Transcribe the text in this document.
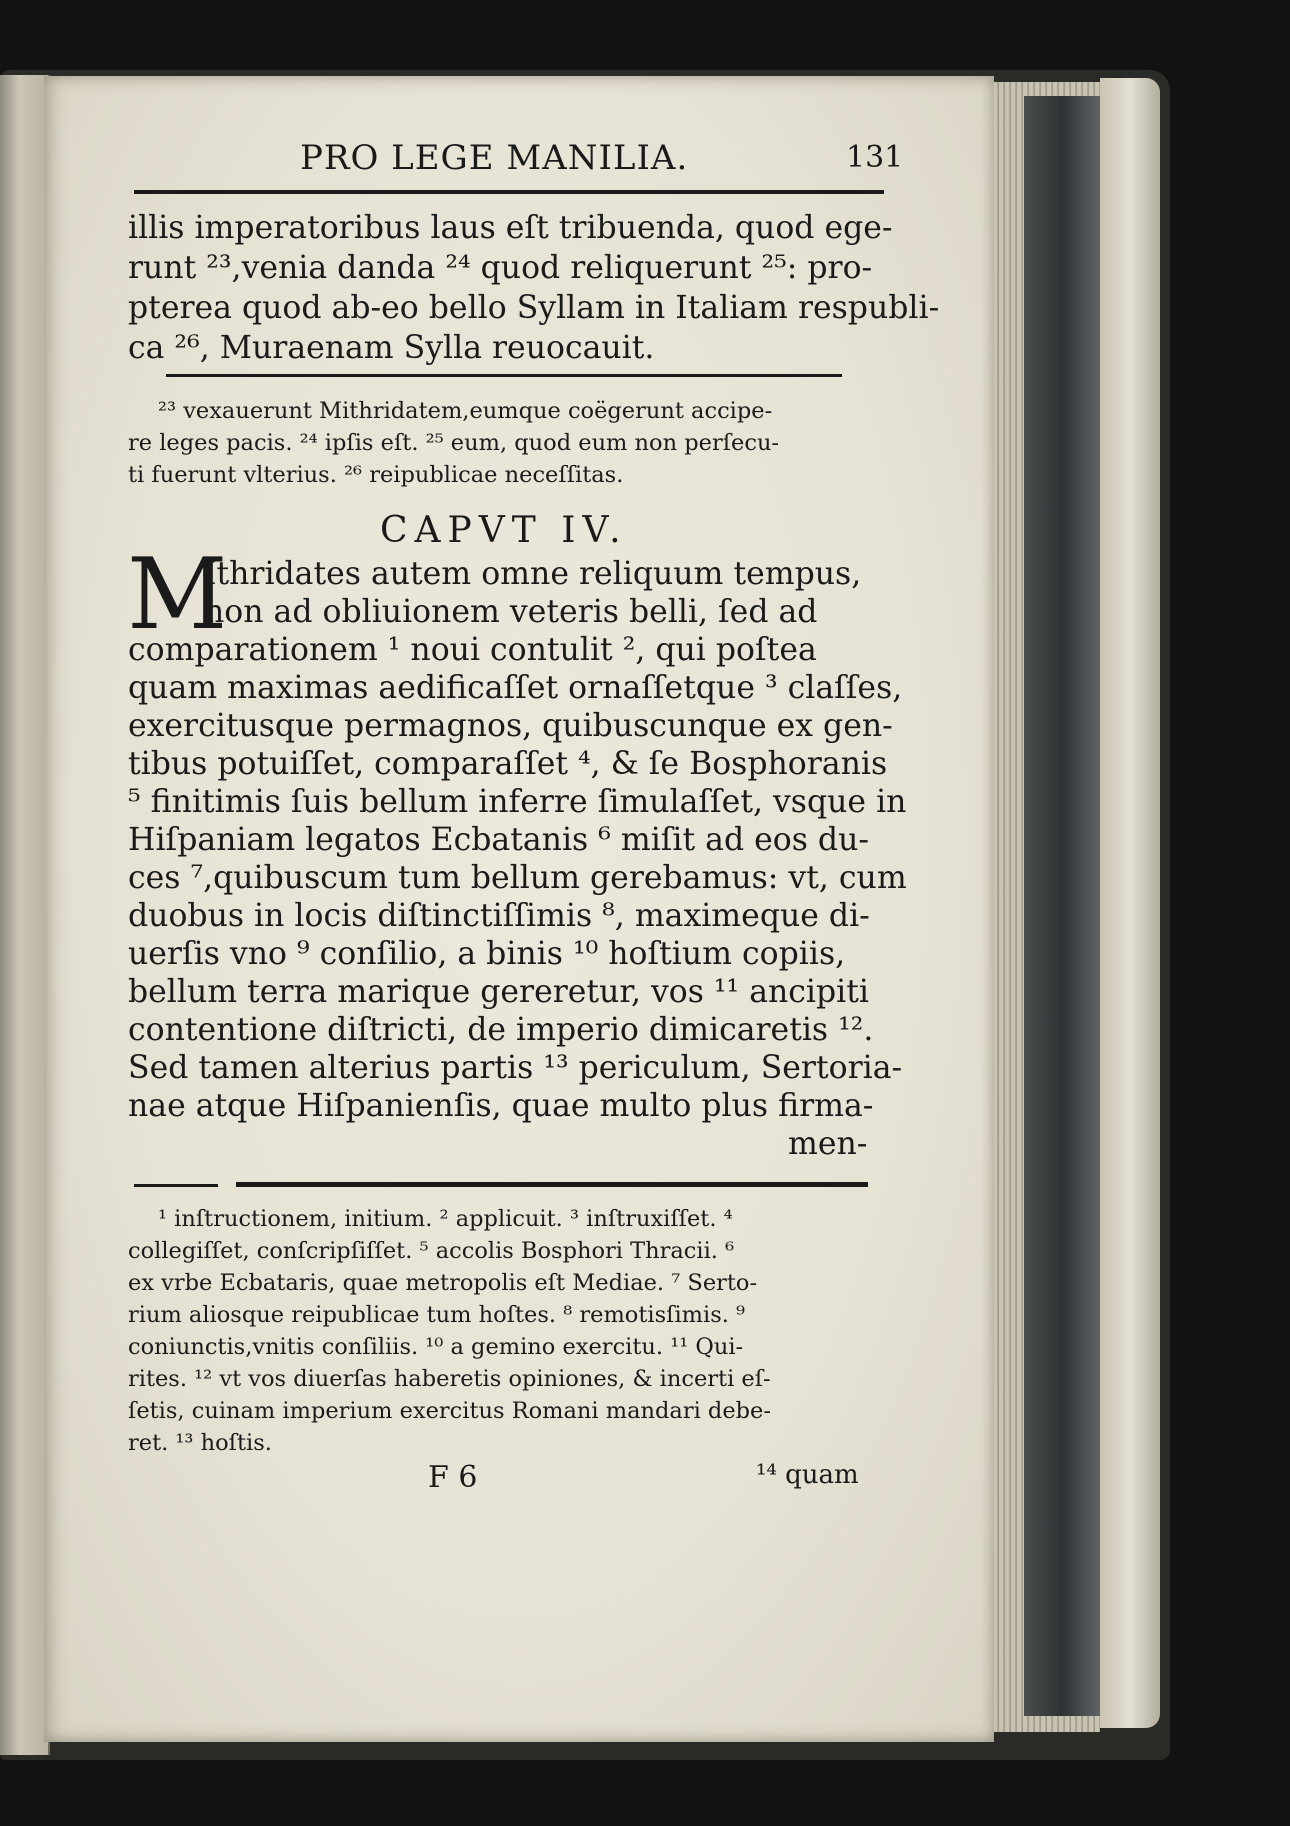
PRO LEGE MANILIA.	131
illis imperatoribus laus eſt tribuenda, quod ege-
runt ²³,venia danda ²⁴ quod reliquerunt ²⁵: pro-
pterea quod ab-eo bello Syllam in Italiam respubli-
ca ²⁶, Muraenam Sylla reuocauit.
²³ vexauerunt Mithridatem,eumque coëgerunt accipe-
re leges pacis. ²⁴ ipſis eſt. ²⁵ eum, quod eum non perſecu-
ti fuerunt vlterius. ²⁶ reipublicae neceſſitas.
CAPVT IV.
M
Ithridates autem omne reliquum tempus,
non ad obliuionem veteris belli, ſed ad
comparationem ¹ noui contulit ², qui poſtea
quam maximas aedificaſſet ornaſſetque ³ claſſes,
exercitusque permagnos, quibuscunque ex gen-
tibus potuiſſet, comparaſſet ⁴, & ſe Bosphoranis
⁵ finitimis ſuis bellum inferre ſimulaſſet, vsque in
Hiſpaniam legatos Ecbatanis ⁶ miſit ad eos du-
ces ⁷,quibuscum tum bellum gerebamus: vt, cum
duobus in locis diſtinctiſſimis ⁸, maximeque di-
uerſis vno ⁹ conſilio, a binis ¹⁰ hoſtium copiis,
bellum terra marique gereretur, vos ¹¹ ancipiti
contentione diſtricti, de imperio dimicaretis ¹².
Sed tamen alterius partis ¹³ periculum, Sertoria-
nae atque Hiſpanienſis, quae multo plus firma-
men-
¹ inſtructionem, initium. ² applicuit. ³ inſtruxiſſet. ⁴
collegiſſet, conſcripſiſſet. ⁵ accolis Bosphori Thracii. ⁶
ex vrbe Ecbataris, quae metropolis eſt Mediae. ⁷ Serto-
rium aliosque reipublicae tum hoſtes. ⁸ remotisſimis. ⁹
coniunctis,vnitis conſiliis. ¹⁰ a gemino exercitu. ¹¹ Qui-
rites. ¹² vt vos diuerſas haberetis opiniones, & incerti eſ-
ſetis, cuinam imperium exercitus Romani mandari debe-
ret. ¹³ hoſtis.
F 6	¹⁴ quam
